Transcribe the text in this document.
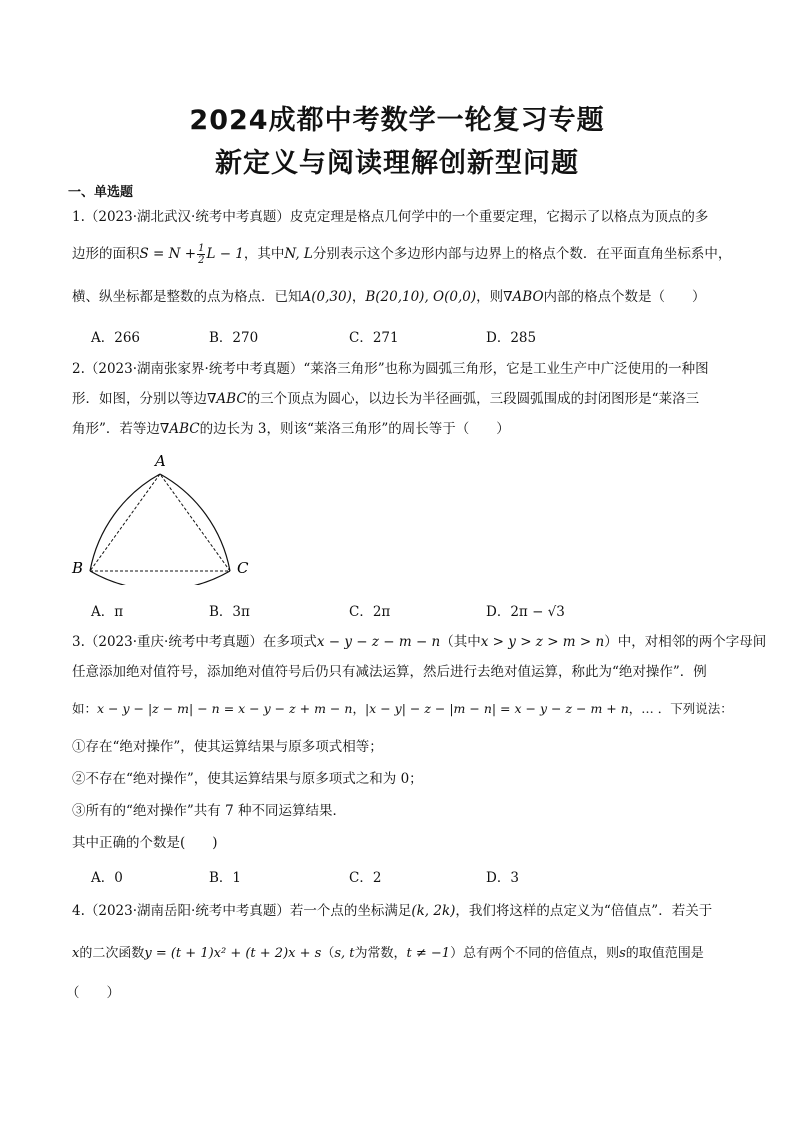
2024成都中考数学一轮复习专题
新定义与阅读理解创新型问题
一、单选题
1.（2023·湖北武汉·统考中考真题）皮克定理是格点几何学中的一个重要定理，它揭示了以格点为顶点的多
边形的面积$S = N + \frac{1}{2}$ L − 1，其中N, L分别表示这个多边形内部与边界上的格点个数．在平面直角坐标系中，
横、纵坐标都是整数的点为格点．已知A(0,30)，B(20,10), O(0,0)，则∇ABO内部的格点个数是（　　）
A．266	B．270	C．271	D．285
2.（2023·湖南张家界·统考中考真题）“莱洛三角形”也称为圆弧三角形，它是工业生产中广泛使用的一种图
形．如图，分别以等边∇ABC的三个顶点为圆心，以边长为半径画弧，三段圆弧围成的封闭图形是“莱洛三
角形”．若等边∇ABC的边长为 3，则该“莱洛三角形”的周长等于（　　）
A
B	C
A．π	B．3π	C．2π	D．2π − √3
3.（2023·重庆·统考中考真题）在多项式x − y − z − m − n（其中x > y > z > m > n）中，对相邻的两个字母间
任意添加绝对值符号，添加绝对值符号后仍只有减法运算，然后进行去绝对值运算，称此为“绝对操作”．例
如：x − y − |z − m| − n = x − y − z + m − n，|x − y| − z − |m − n| = x − y − z − m + n，… ．下列说法：
①存在“绝对操作”，使其运算结果与原多项式相等；
②不存在“绝对操作”，使其运算结果与原多项式之和为 0；
③所有的“绝对操作”共有 7 种不同运算结果．
其中正确的个数是(　　)
A．0	B．1	C．2	D．3
4.（2023·湖南岳阳·统考中考真题）若一个点的坐标满足(k, 2k)，我们将这样的点定义为“倍值点”．若关于
x的二次函数y = (t + 1)x² + (t + 2)x + s（s, t为常数，t ≠ −1）总有两个不同的倍值点，则s的取值范围是
（　　）
